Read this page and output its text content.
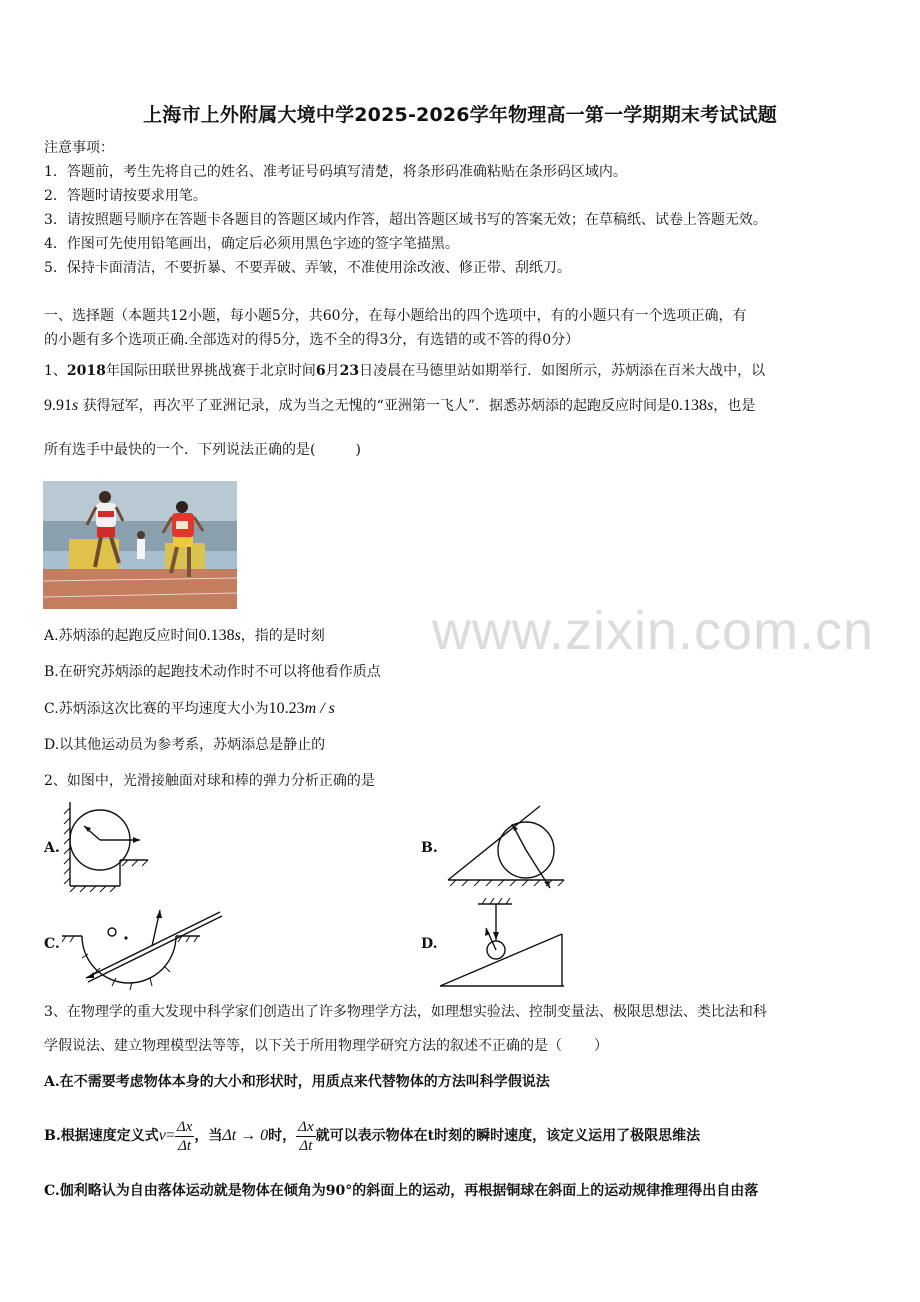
上海市上外附属大境中学2025-2026学年物理高一第一学期期末考试试题
注意事项：
1．答题前，考生先将自己的姓名、准考证号码填写清楚，将条形码准确粘贴在条形码区域内。
2．答题时请按要求用笔。
3．请按照题号顺序在答题卡各题目的答题区域内作答，超出答题区域书写的答案无效；在草稿纸、试卷上答题无效。
4．作图可先使用铅笔画出，确定后必须用黑色字迹的签字笔描黑。
5．保持卡面清洁，不要折暴、不要弄破、弄皱，不准使用涂改液、修正带、刮纸刀。
一、选择题（本题共12小题，每小题5分，共60分，在每小题给出的四个选项中，有的小题只有一个选项正确，有
的小题有多个选项正确.全部选对的得5分，选不全的得3分，有选错的或不答的得0分）
1、2018年国际田联世界挑战赛于北京时间6月23日凌晨在马德里站如期举行．如图所示，苏炳添在百米大战中，以
9.91s 获得冠军，再次平了亚洲记录，成为当之无愧的“亚洲第一飞人”．据悉苏炳添的起跑反应时间是0.138s，也是
所有选手中最快的一个．下列说法正确的是(	)
www.zixin.com.cn
A.苏炳添的起跑反应时间0.138s，指的是时刻
B.在研究苏炳添的起跑技术动作时不可以将他看作质点
C.苏炳添这次比赛的平均速度大小为10.23m / s
D.以其他运动员为参考系，苏炳添总是静止的
2、如图中，光滑接触面对球和棒的弹力分析正确的是
A.	B.
C.	D.
3、在物理学的重大发现中科学家们创造出了许多物理学方法，如理想实验法、控制变量法、极限思想法、类比法和科
学假说法、建立物理模型法等等，以下关于所用物理学研究方法的叙述不正确的是（ ）
A.在不需要考虑物体本身的大小和形状时，用质点来代替物体的方法叫科学假说法
B.根据速度定义式$v= \frac{\Delta x}{\Delta t}$ ，当Δt → 0时， $\frac{\Delta x}{\Delta t}$ 就可以表示物体在t时刻的瞬时速度，该定义运用了极限思维法
C.伽利略认为自由落体运动就是物体在倾角为90°的斜面上的运动，再根据铜球在斜面上的运动规律推理得出自由落
